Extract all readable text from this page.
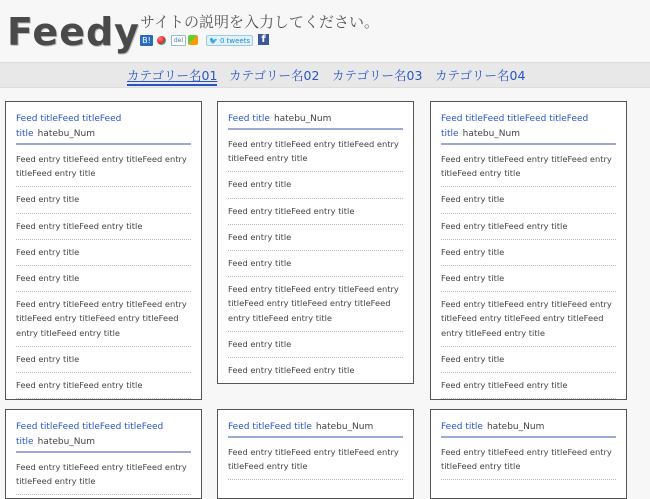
Feedy サイトの説明を入力してください。
B!	del	🐦 0 tweets	f
カテゴリー名01 カテゴリー名02 カテゴリー名03 カテゴリー名04
Feed titleFeed titleFeed title hatebu_Num
Feed entry titleFeed entry titleFeed entry titleFeed entry title
Feed entry title
Feed entry titleFeed entry title
Feed entry title
Feed entry title
Feed entry titleFeed entry titleFeed entry titleFeed entry titleFeed entry titleFeed entry titleFeed entry title
Feed entry title
Feed entry titleFeed entry title
Feed title hatebu_Num
Feed entry titleFeed entry titleFeed entry titleFeed entry title
Feed entry title
Feed entry titleFeed entry title
Feed entry title
Feed entry title
Feed entry titleFeed entry titleFeed entry titleFeed entry titleFeed entry titleFeed entry titleFeed entry title
Feed entry title
Feed entry titleFeed entry title
Feed titleFeed titleFeed titleFeed title hatebu_Num
Feed entry titleFeed entry titleFeed entry titleFeed entry title
Feed entry title
Feed entry titleFeed entry title
Feed entry title
Feed entry title
Feed entry titleFeed entry titleFeed entry titleFeed entry titleFeed entry titleFeed entry titleFeed entry title
Feed entry title
Feed entry titleFeed entry title
Feed titleFeed titleFeed titleFeed title hatebu_Num
Feed entry titleFeed entry titleFeed entry titleFeed entry title
Feed titleFeed title hatebu_Num
Feed entry titleFeed entry titleFeed entry titleFeed entry title
Feed title hatebu_Num
Feed entry titleFeed entry titleFeed entry titleFeed entry title
